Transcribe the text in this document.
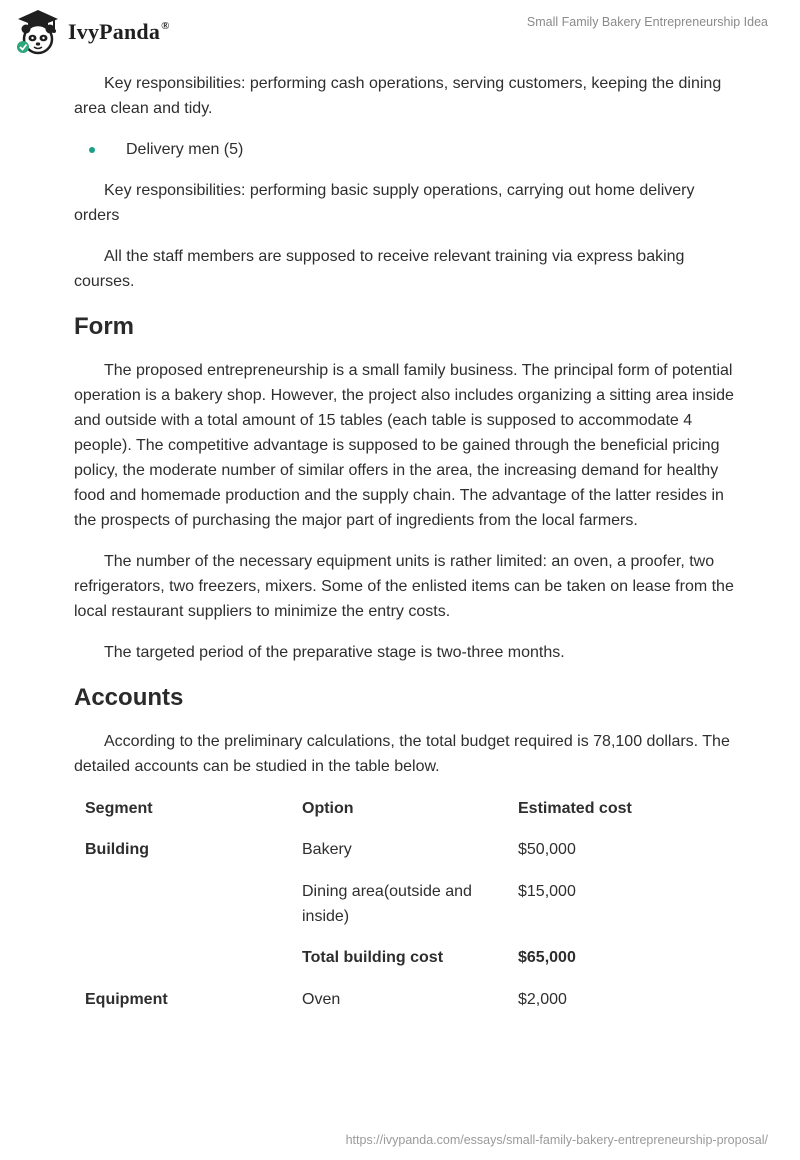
IvyPanda®	Small Family Bakery Entrepreneurship Idea

Key responsibilities: performing cash operations, serving customers, keeping the dining area clean and tidy.

Delivery men (5)

Key responsibilities: performing basic supply operations, carrying out home delivery orders

All the staff members are supposed to receive relevant training via express baking courses.

Form

The proposed entrepreneurship is a small family business. The principal form of potential operation is a bakery shop. However, the project also includes organizing a sitting area inside and outside with a total amount of 15 tables (each table is supposed to accommodate 4 people). The competitive advantage is supposed to be gained through the beneficial pricing policy, the moderate number of similar offers in the area, the increasing demand for healthy food and homemade production and the supply chain. The advantage of the latter resides in the prospects of purchasing the major part of ingredients from the local farmers.

The number of the necessary equipment units is rather limited: an oven, a proofer, two refrigerators, two freezers, mixers. Some of the enlisted items can be taken on lease from the local restaurant suppliers to minimize the entry costs.

The targeted period of the preparative stage is two-three months.

Accounts

According to the preliminary calculations, the total budget required is 78,100 dollars. The detailed accounts can be studied in the table below.

Segment	Option	Estimated cost
Building	Bakery	$50,000
	Dining area(outside and inside)	$15,000
	Total building cost	$65,000
Equipment	Oven	$2,000
https://ivypanda.com/essays/small-family-bakery-entrepreneurship-proposal/
